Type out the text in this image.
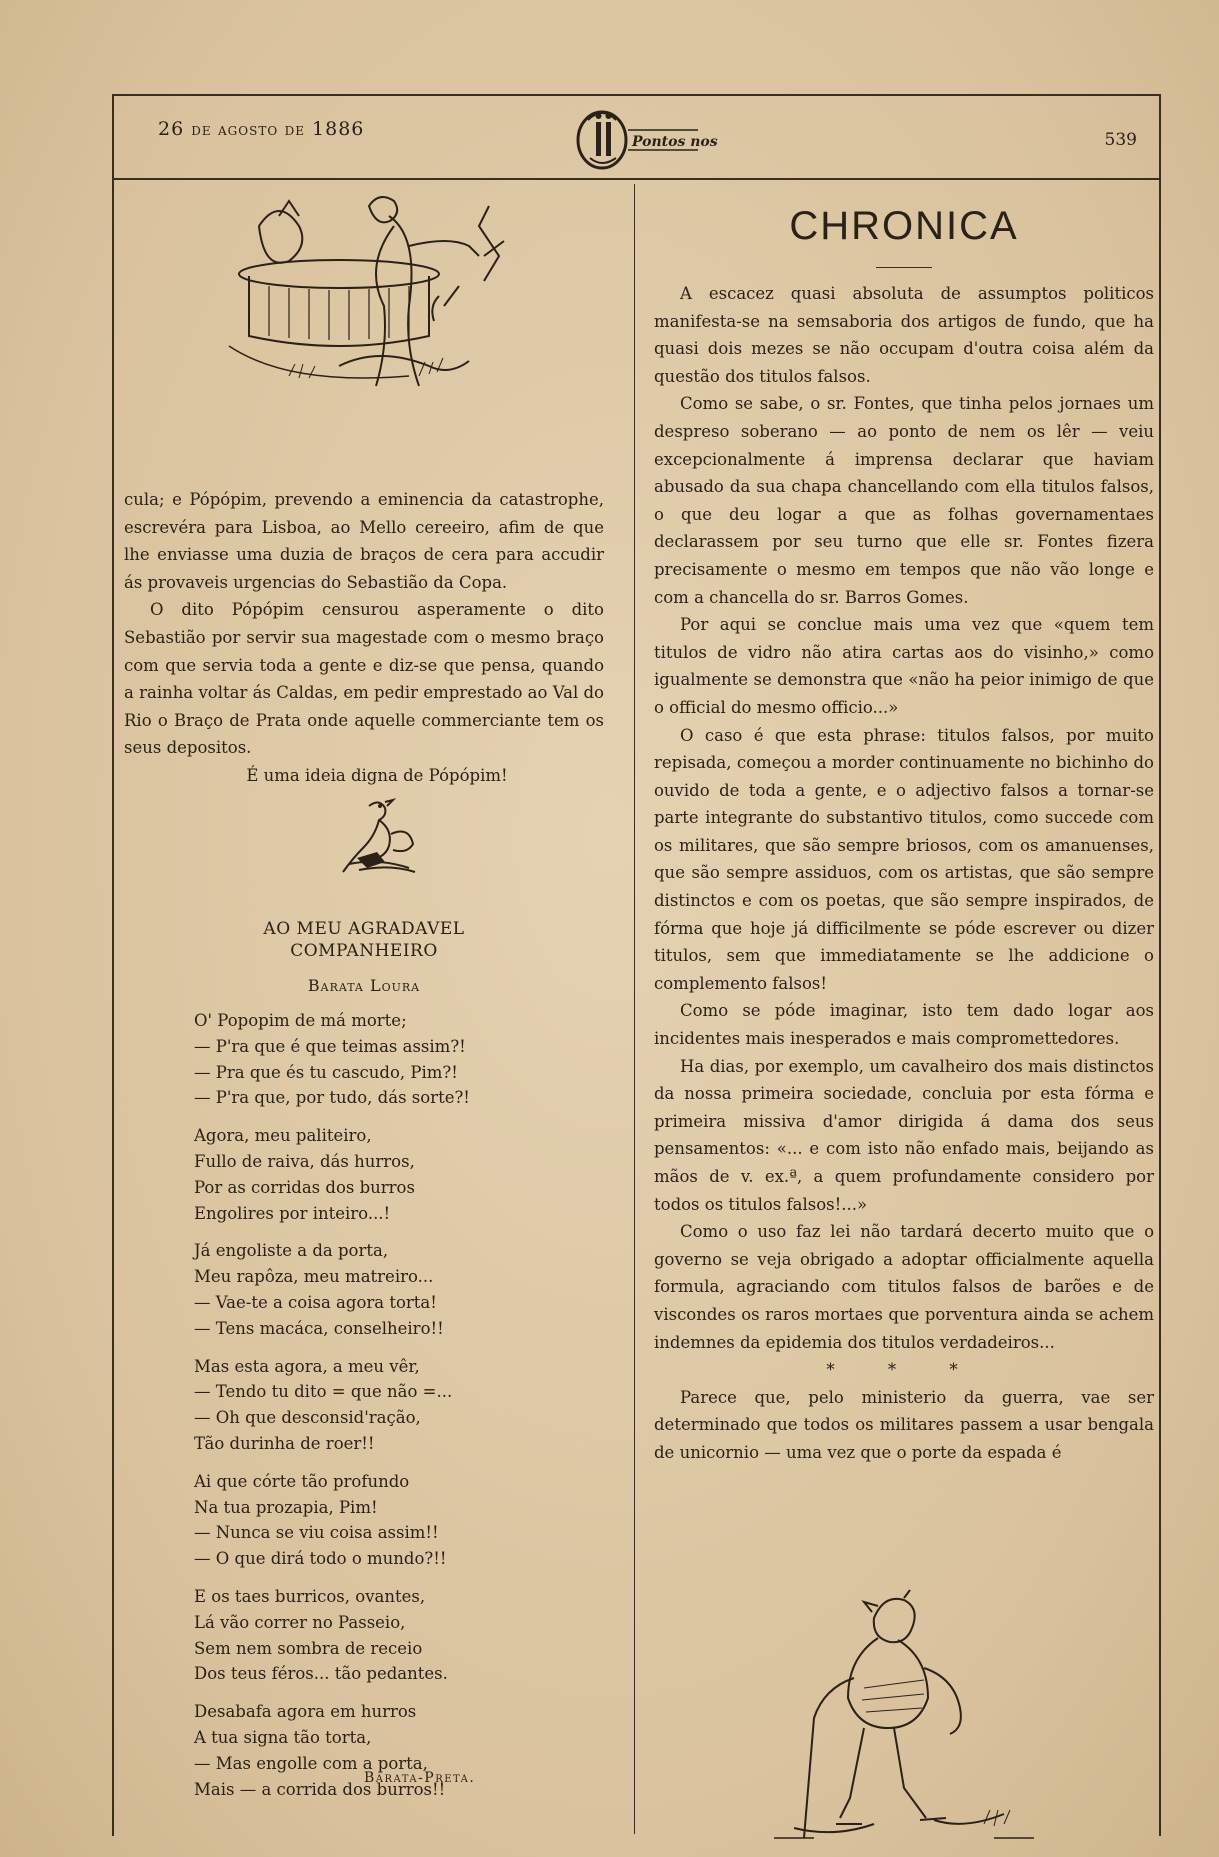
26 de agosto de 1886
Pontos nos	539

cula; e Pópópim, prevendo a eminencia da catastrophe, escrevéra para Lisboa, ao Mello cereeiro, afim de que lhe enviasse uma duzia de braços de cera para accudir ás provaveis urgencias do Sebastião da Copa.

O dito Pópópim censurou asperamente o dito Sebastião por servir sua magestade com o mesmo braço com que servia toda a gente e diz-se que pensa, quando a rainha voltar ás Caldas, em pedir emprestado ao Val do Rio o Braço de Prata onde aquelle commerciante tem os seus depositos.

É uma ideia digna de Pópópim!

AO MEU AGRADAVEL
COMPANHEIRO
Barata Loura
O' Popopim de má morte;
— P'ra que é que teimas assim?!
— Pra que és tu cascudo, Pim?!
— P'ra que, por tudo, dás sorte?!
Agora, meu paliteiro,
Fullo de raiva, dás hurros,
Por as corridas dos burros
Engolires por inteiro...!
Já engoliste a da porta,
Meu rapôza, meu matreiro...
— Vae-te a coisa agora torta!
— Tens macáca, conselheiro!!
Mas esta agora, a meu vêr,
— Tendo tu dito = que não =...
— Oh que desconsid'ração,
Tão durinha de roer!!
Ai que córte tão profundo
Na tua prozapia, Pim!
— Nunca se viu coisa assim!!
— O que dirá todo o mundo?!!
E os taes burricos, ovantes,
Lá vão correr no Passeio,
Sem nem sombra de receio
Dos teus féros... tão pedantes.
Desabafa agora em hurros
A tua signa tão torta,
— Mas engolle com a porta,
Mais — a corrida dos burros!!
Barata-Preta.
CHRONICA

A escacez quasi absoluta de assumptos politicos manifesta-se na semsaboria dos artigos de fundo, que ha quasi dois mezes se não occupam d'outra coisa além da questão dos titulos falsos.

Como se sabe, o sr. Fontes, que tinha pelos jornaes um despreso soberano — ao ponto de nem os lêr — veiu excepcionalmente á imprensa declarar que haviam abusado da sua chapa chancellando com ella titulos falsos, o que deu logar a que as folhas governamentaes declarassem por seu turno que elle sr. Fontes fizera precisamente o mesmo em tempos que não vão longe e com a chancella do sr. Barros Gomes.

Por aqui se conclue mais uma vez que «quem tem titulos de vidro não atira cartas aos do visinho,» como igualmente se demonstra que «não ha peior inimigo de que o official do mesmo officio...»

O caso é que esta phrase: titulos falsos, por muito repisada, começou a morder continuamente no bichinho do ouvido de toda a gente, e o adjectivo falsos a tornar-se parte integrante do substantivo titulos, como succede com os militares, que são sempre briosos, com os amanuenses, que são sempre assiduos, com os artistas, que são sempre distinctos e com os poetas, que são sempre inspirados, de fórma que hoje já difficilmente se póde escrever ou dizer titulos, sem que immediatamente se lhe addicione o complemento falsos!

Como se póde imaginar, isto tem dado logar aos incidentes mais inesperados e mais compromettedores.

Ha dias, por exemplo, um cavalheiro dos mais distinctos da nossa primeira sociedade, concluia por esta fórma e primeira missiva d'amor dirigida á dama dos seus pensamentos: «... e com isto não enfado mais, beijando as mãos de v. ex.ª, a quem profundamente considero por todos os titulos falsos!...»

Como o uso faz lei não tardará decerto muito que o governo se veja obrigado a adoptar officialmente aquella formula, agraciando com titulos falsos de barões e de viscondes os raros mortaes que porventura ainda se achem indemnes da epidemia dos titulos verdadeiros...

* * *

Parece que, pelo ministerio da guerra, vae ser determinado que todos os militares passem a usar bengala de unicornio — uma vez que o porte da espada é
